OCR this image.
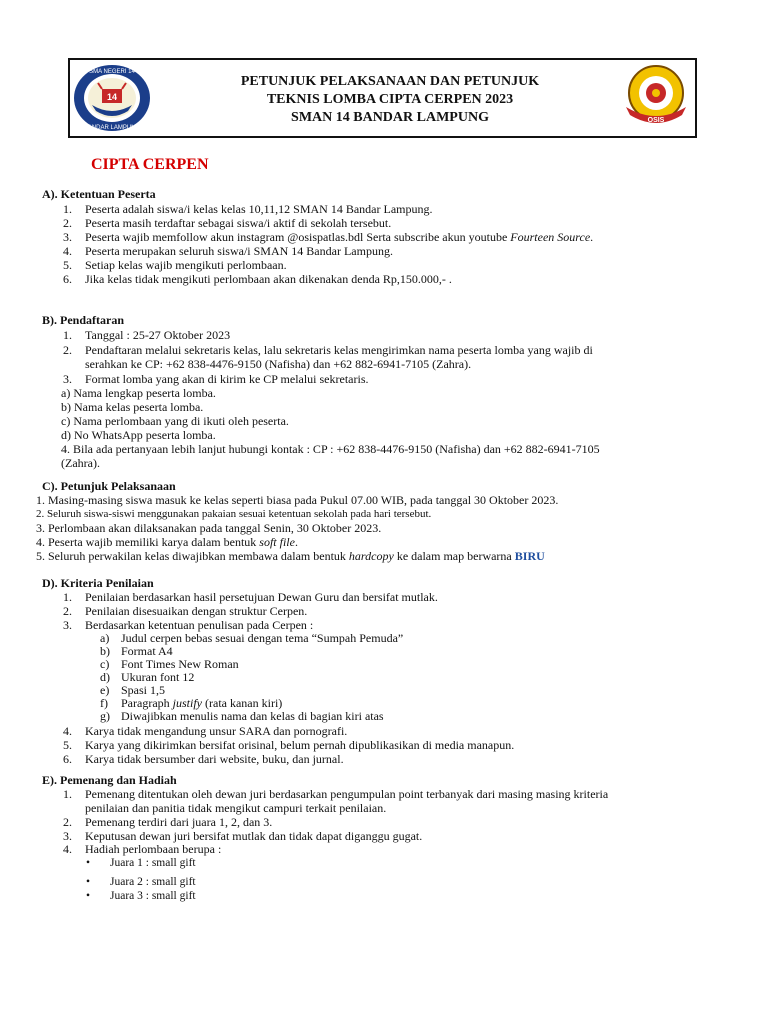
14
SMA NEGERI 14
BANDAR LAMPUNG
PETUNJUK PELAKSANAAN DAN PETUNJUK
TEKNIS LOMBA CIPTA CERPEN 2023
SMAN 14 BANDAR LAMPUNG	OSIS
CIPTA CERPEN
A). Ketentuan Peserta
1. Peserta adalah siswa/i kelas kelas 10,11,12 SMAN 14 Bandar Lampung.
2. Peserta masih terdaftar sebagai siswa/i aktif di sekolah tersebut.
3. Peserta wajib memfollow akun instagram @osispatlas.bdl Serta subscribe akun youtube Fourteen Source.
4. Peserta merupakan seluruh siswa/i SMAN 14 Bandar Lampung.
5. Setiap kelas wajib mengikuti perlombaan.
6. Jika kelas tidak mengikuti perlombaan akan dikenakan denda Rp,150.000,- .
B). Pendaftaran
1. Tanggal : 25-27 Oktober 2023
2. Pendaftaran melalui sekretaris kelas, lalu sekretaris kelas mengirimkan nama peserta lomba yang wajib di
serahkan ke CP: +62 838-4476-9150 (Nafisha) dan +62 882-6941-7105 (Zahra).
3. Format lomba yang akan di kirim ke CP melalui sekretaris.
a) Nama lengkap peserta lomba.
b) Nama kelas peserta lomba.
c) Nama perlombaan yang di ikuti oleh peserta.
d) No WhatsApp peserta lomba.
4. Bila ada pertanyaan lebih lanjut hubungi kontak : CP : +62 838-4476-9150 (Nafisha) dan +62 882-6941-7105
(Zahra).
C). Petunjuk Pelaksanaan
1. Masing-masing siswa masuk ke kelas seperti biasa pada Pukul 07.00 WIB, pada tanggal 30 Oktober 2023.
2. Seluruh siswa-siswi menggunakan pakaian sesuai ketentuan sekolah pada hari tersebut.
3. Perlombaan akan dilaksanakan pada tanggal Senin, 30 Oktober 2023.
4. Peserta wajib memiliki karya dalam bentuk soft file.
5. Seluruh perwakilan kelas diwajibkan membawa dalam bentuk hardcopy ke dalam map berwarna BIRU
D). Kriteria Penilaian
1. Penilaian berdasarkan hasil persetujuan Dewan Guru dan bersifat mutlak.
2. Penilaian disesuaikan dengan struktur Cerpen.
3. Berdasarkan ketentuan penulisan pada Cerpen :
a) Judul cerpen bebas sesuai dengan tema “Sumpah Pemuda”
b) Format A4
c) Font Times New Roman
d) Ukuran font 12
e) Spasi 1,5
f) Paragraph justify (rata kanan kiri)
g) Diwajibkan menulis nama dan kelas di bagian kiri atas
4. Karya tidak mengandung unsur SARA dan pornografi.
5. Karya yang dikirimkan bersifat orisinal, belum pernah dipublikasikan di media manapun.
6. Karya tidak bersumber dari website, buku, dan jurnal.
E). Pemenang dan Hadiah
1. Pemenang ditentukan oleh dewan juri berdasarkan pengumpulan point terbanyak dari masing masing kriteria
penilaian dan panitia tidak mengikut campuri terkait penilaian.
2. Pemenang terdiri dari juara 1, 2, dan 3.
3. Keputusan dewan juri bersifat mutlak dan tidak dapat diganggu gugat.
4. Hadiah perlombaan berupa :
• Juara 1 : small gift
• Juara 2 : small gift
• Juara 3 : small gift
